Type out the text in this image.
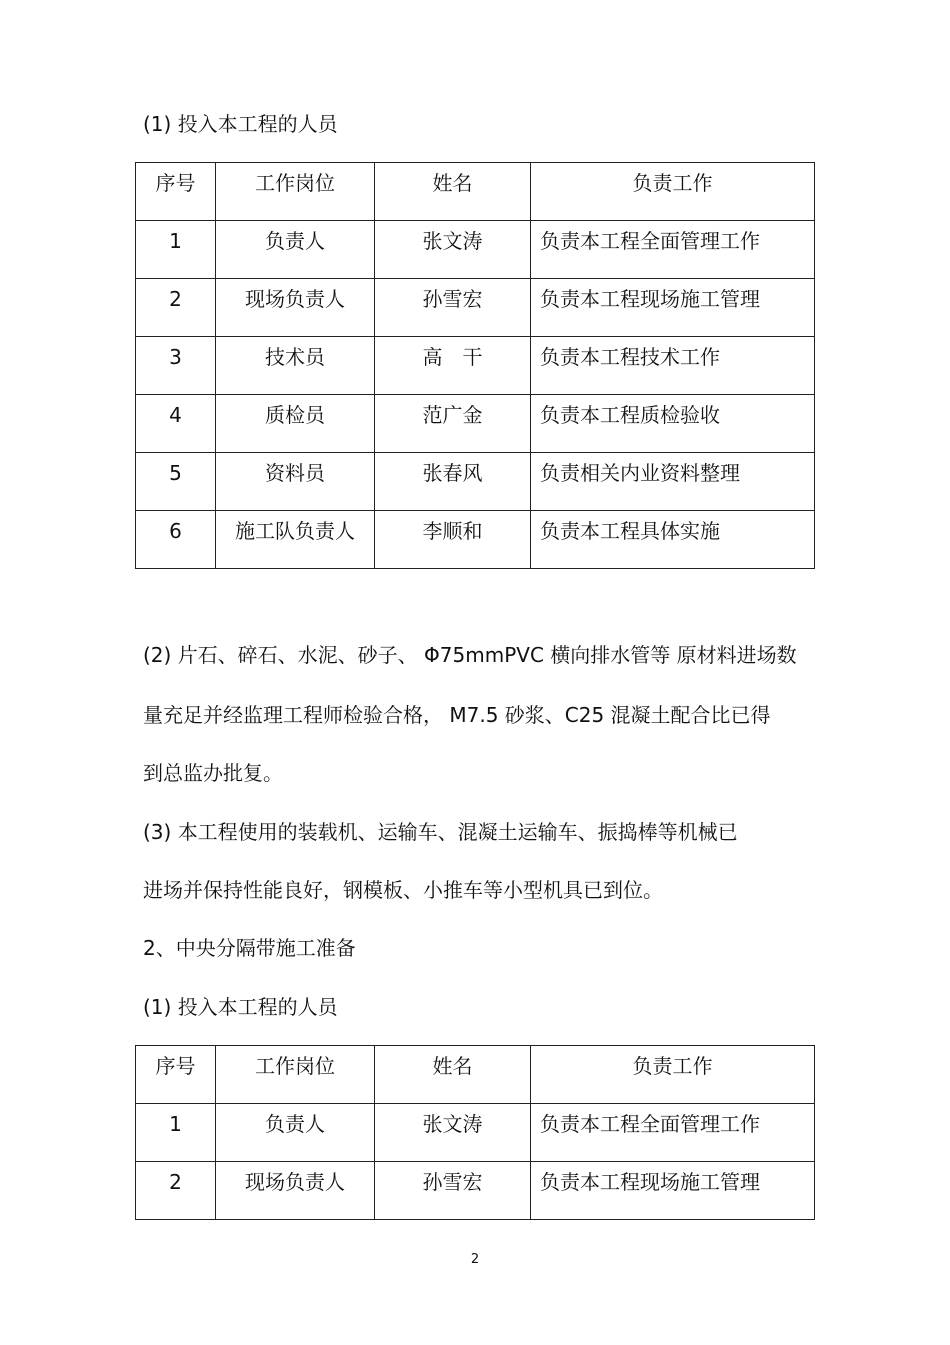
(1) 投入本工程的人员
序号	工作岗位	姓名	负责工作
1	负责人	张文涛	负责本工程全面管理工作
2	现场负责人	孙雪宏	负责本工程现场施工管理
3	技术员	高　干	负责本工程技术工作
4	质检员	范广金	负责本工程质检验收
5	资料员	张春风	负责相关内业资料整理
6	施工队负责人	李顺和	负责本工程具体实施
(2) 片石、碎石、水泥、砂子、 Φ75mmPVC 横向排水管等 原材料进场数
量充足并经监理工程师检验合格， M7.5 砂浆、C25 混凝土配合比已得
到总监办批复。
(3) 本工程使用的装载机、运输车、混凝土运输车、振捣棒等机械已
进场并保持性能良好，钢模板、小推车等小型机具已到位。
2、中央分隔带施工准备
(1) 投入本工程的人员
序号	工作岗位	姓名	负责工作
1	负责人	张文涛	负责本工程全面管理工作
2	现场负责人	孙雪宏	负责本工程现场施工管理
2
